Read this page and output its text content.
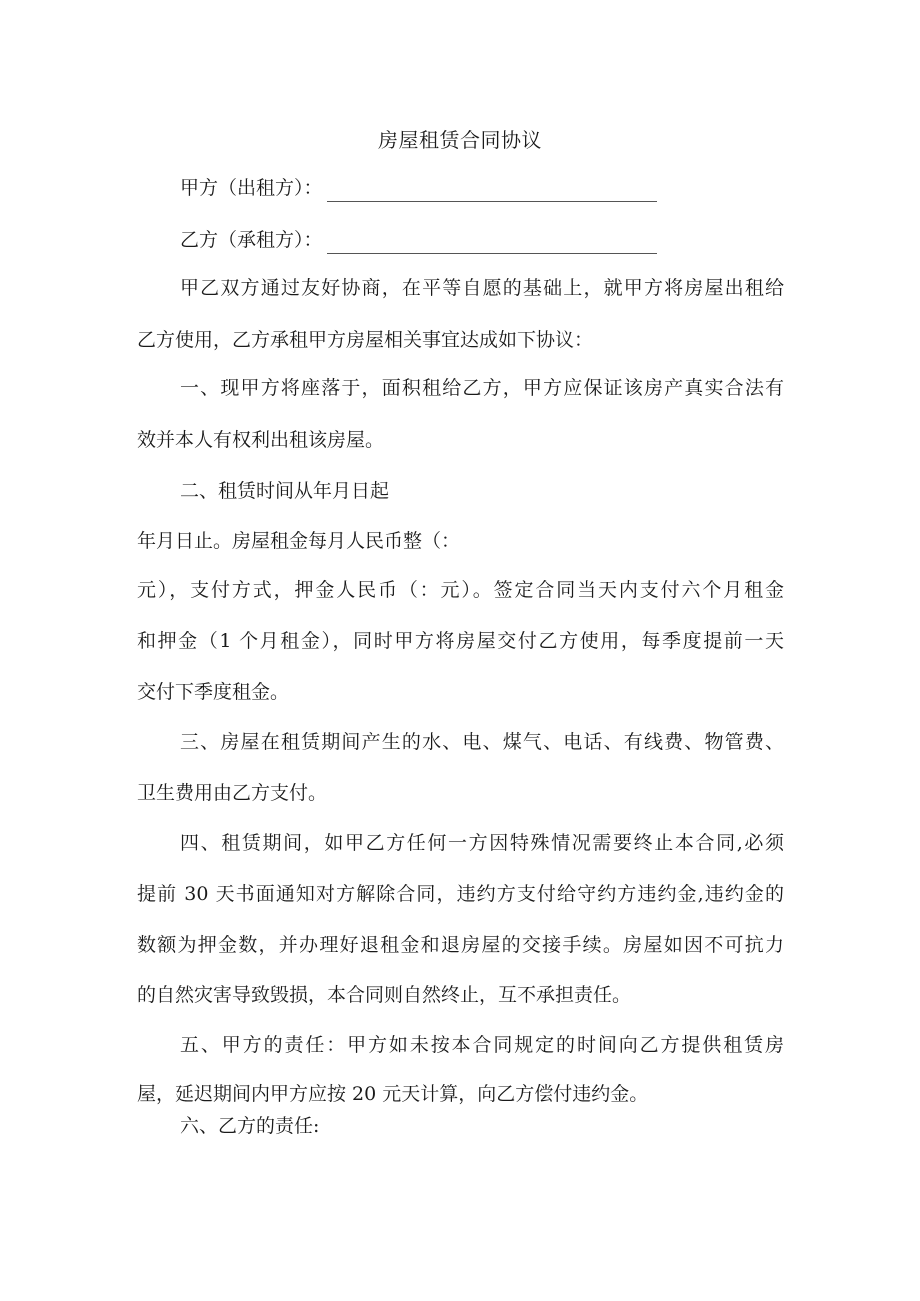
房屋租赁合同协议
甲方（出租方）：
乙方（承租方）：
甲乙双方通过友好协商，在平等自愿的基础上，就甲方将房屋出租给
乙方使用，乙方承租甲方房屋相关事宜达成如下协议：
一、现甲方将座落于，面积租给乙方，甲方应保证该房产真实合法有
效并本人有权利出租该房屋。
二、租赁时间从年月日起
年月日止。房屋租金每月人民币整（：
元），支付方式，押金人民币（：元）。签定合同当天内支付六个月租金
和押金（1 个月租金），同时甲方将房屋交付乙方使用，每季度提前一天
交付下季度租金。
三、房屋在租赁期间产生的水、电、煤气、电话、有线费、物管费、
卫生费用由乙方支付。
四、租赁期间，如甲乙方任何一方因特殊情况需要终止本合同,必须
提前 30 天书面通知对方解除合同，违约方支付给守约方违约金,违约金的
数额为押金数，并办理好退租金和退房屋的交接手续。房屋如因不可抗力
的自然灾害导致毁损，本合同则自然终止，互不承担责任。
五、甲方的责任：甲方如未按本合同规定的时间向乙方提供租赁房
屋，延迟期间内甲方应按 20 元天计算，向乙方偿付违约金。
六、乙方的责任:
